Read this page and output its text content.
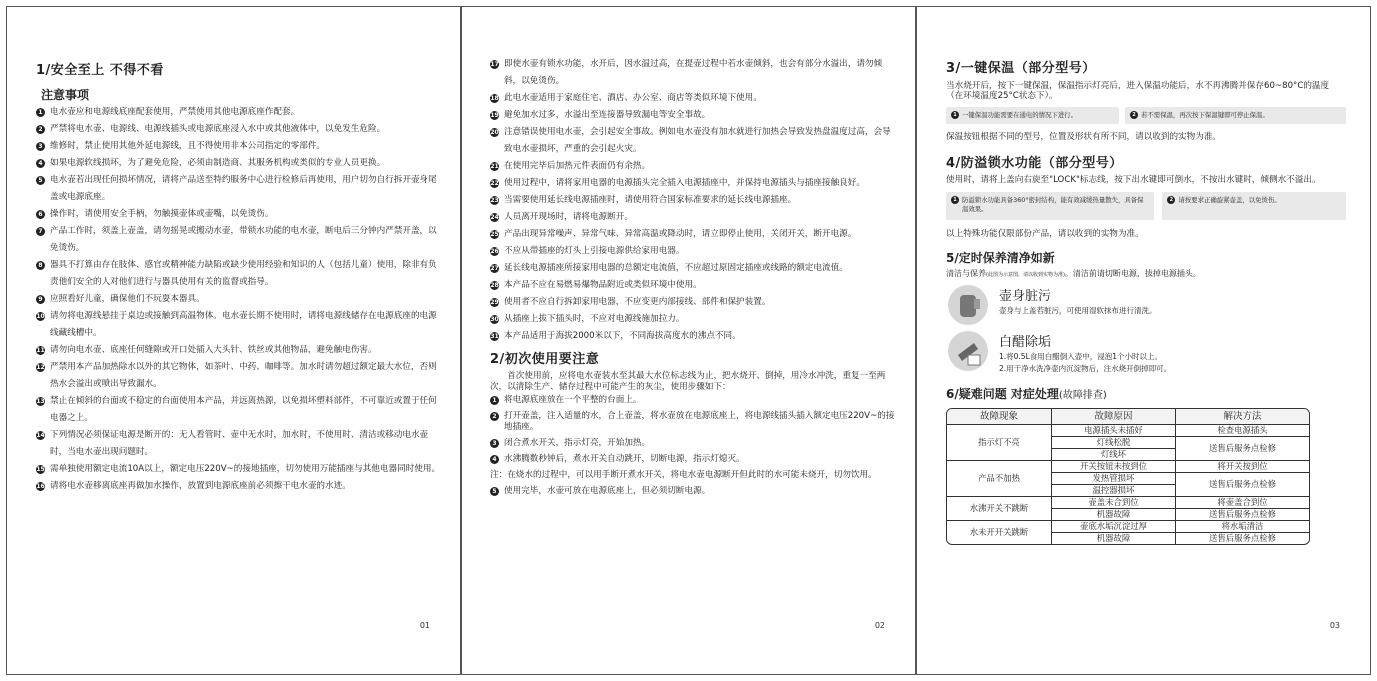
1/安全至上 不得不看
注意事项
1 电水壶应和电源线底座配套使用，严禁使用其他电源底座作配套。
2 严禁将电水壶、电源线、电源线插头或电源底座浸入水中或其他液体中，以免发生危险。
3 维修时，禁止使用其他外延电源线，且不得使用非本公司指定的零部件。
4 如果电源软线损坏，为了避免危险，必须由制造商、其服务机构或类似的专业人员更换。
5 电水壶若出现任何损坏情况，请将产品送至特约服务中心进行检修后再使用，用户切勿自行拆开壶身尾盖或电源底座。
6 操作时，请使用安全手柄，勿触摸壶体或壶嘴，以免烫伤。
7 产品工作时，须盖上壶盖，请勿摇晃或搬动水壶，带锁水功能的电水壶，断电后三分钟内严禁开盖，以免烫伤。
8 器具不打算由存在肢体、感官或精神能力缺陷或缺少使用经验和知识的人（包括儿童）使用，除非有负责他们安全的人对他们进行与器具使用有关的监督或指导。
9 应照看好儿童，确保他们不玩耍本器具。
10 请勿将电源线悬挂于桌边或接触到高温物体。电水壶长期不使用时，请将电源线储存在电源底座的电源线藏线槽中。
11 请勿向电水壶、底座任何缝隙或开口处插入大头针、铁丝或其他物品，避免触电伤害。
12 严禁用本产品加热除水以外的其它物体，如茶叶、中药、咖啡等。加水时请勿超过额定最大水位，否则热水会溢出或喷出导致漏水。
13 禁止在倾斜的台面或不稳定的台面使用本产品，并远离热源，以免损坏塑料部件，不可靠近或置于任何电器之上。
14 下列情况必须保证电源是断开的：无人看管时、壶中无水时，加水时，不使用时、清洁或移动电水壶时，当电水壶出现问题时。
15 需单独使用额定电流10A以上，额定电压220V~的接地插座，切勿使用万能插座与其他电器同时使用。
16 请将电水壶移离底座再做加水操作，放置到电源底座前必须擦干电水壶的水迹。
01
17 即使水壶有锁水功能，水开后，因水温过高，在提壶过程中若水壶倾斜，也会有部分水溢出，请勿倾斜，以免烫伤。
18 此电水壶适用于家庭住宅、酒店、办公室、商店等类似环境下使用。
19 避免加水过多，水溢出至连接器导致漏电等安全事故。
20 注意错误使用电水壶，会引起安全事故。例如电水壶没有加水就进行加热会导致发热盘温度过高，会导致电水壶损坏，严重的会引起火灾。
21 在使用完毕后加热元件表面仍有余热。
22 使用过程中，请将家用电器的电源插头完全插入电源插座中，并保持电源插头与插座接触良好。
23 当需要使用延长线电源插座时，请使用符合国家标准要求的延长线电源插座。
24 人员离开现场时，请将电源断开。
25 产品出现异常噪声、异常气味、异常高温或降动时，请立即停止使用，关闭开关，断开电源。
26 不应从带插座的灯头上引接电源供给家用电器。
27 延长线电源插座所接家用电器的总额定电流值，不应超过原固定插座或线路的额定电流值。
28 本产品不应在易燃易爆物品附近或类似环境中使用。
29 使用者不应自行拆卸家用电器，不应变更内部接线、部件和保护装置。
30 从插座上拔下插头时，不应对电源线施加拉力。
31 本产品适用于海拔2000米以下，不同海拔高度水的沸点不同。
2/初次使用要注意
首次使用前，应将电水壶装水至其最大水位标志线为止，把水烧开、倒掉，用冷水冲洗，重复一至两次，以清除生产、储存过程中可能产生的灰尘，使用步骤如下：
1 将电源底座放在一个平整的台面上。
2 打开壶盖，注入适量的水，合上壶盖，将水壶放在电源底座上，将电源线插头插入额定电压220V~的接地插座。
3 闭合煮水开关，指示灯亮，开始加热。
4 水沸腾数秒钟后，煮水开关自动跳开，切断电源，指示灯熄灭。
注：在烧水的过程中，可以用手断开煮水开关，将电水壶电源断开但此时的水可能未烧开，切勿饮用。
5 使用完毕，水壶可放在电源底座上，但必须切断电源。
02
3/一键保温（部分型号）
当水烧开后，按下一键保温，保温指示灯亮后，进入保温功能后，水不再沸腾并保存60~80°C的温度（在环境温度25°C状态下）。
1 一键保温功能需要在通电的情况下进行。	2 若不需保温，再次按下保温键即可停止保温。
保温按钮根据不同的型号，位置及形状有所不同，请以收到的实物为准。
4/防溢锁水功能（部分型号）
使用时，请将上盖向右旋至"LOCK"标志线，按下出水键即可倒水，不按出水键时，倾侧水不溢出。
1 防溢锁水功能具备360°密封结构，能有效减缓热量散失，具备保温效果。
2 请按要求正确旋紧壶盖，以免烫伤。
以上特殊功能仅限部份产品，请以收到的实物为准。
5/定时保养清净如新
清洁与保养(此图为示意图，请以收到实物为准)。清洁前请切断电源，拔掉电源插头。
壶身脏污
壶身与上盖若脏污，可使用湿软抹布进行清洗。
白醋除垢
1.将0.5L食用白醋倒入壶中，浸泡1个小时以上。
2.用干净水洗净壶内沉淀物后，注水烧开倒掉即可。
6/疑难问题 对症处理(故障排查)
故障现象	故障原因	解决方法
指示灯不亮	电源插头未插好	检查电源插头
	灯线松脱	送售后服务点检修
	灯线坏	
产品不加热	开关按钮未按到位	将开关按到位
	发热管损坏	送售后服务点检修
	温控器损坏	
水沸开关不跳断	壶盖未合到位	将壶盖合到位
	机器故障	送售后服务点检修
水未开开关跳断	壶底水垢沉淀过厚	将水垢清洁
	机器故障	送售后服务点检修
03
